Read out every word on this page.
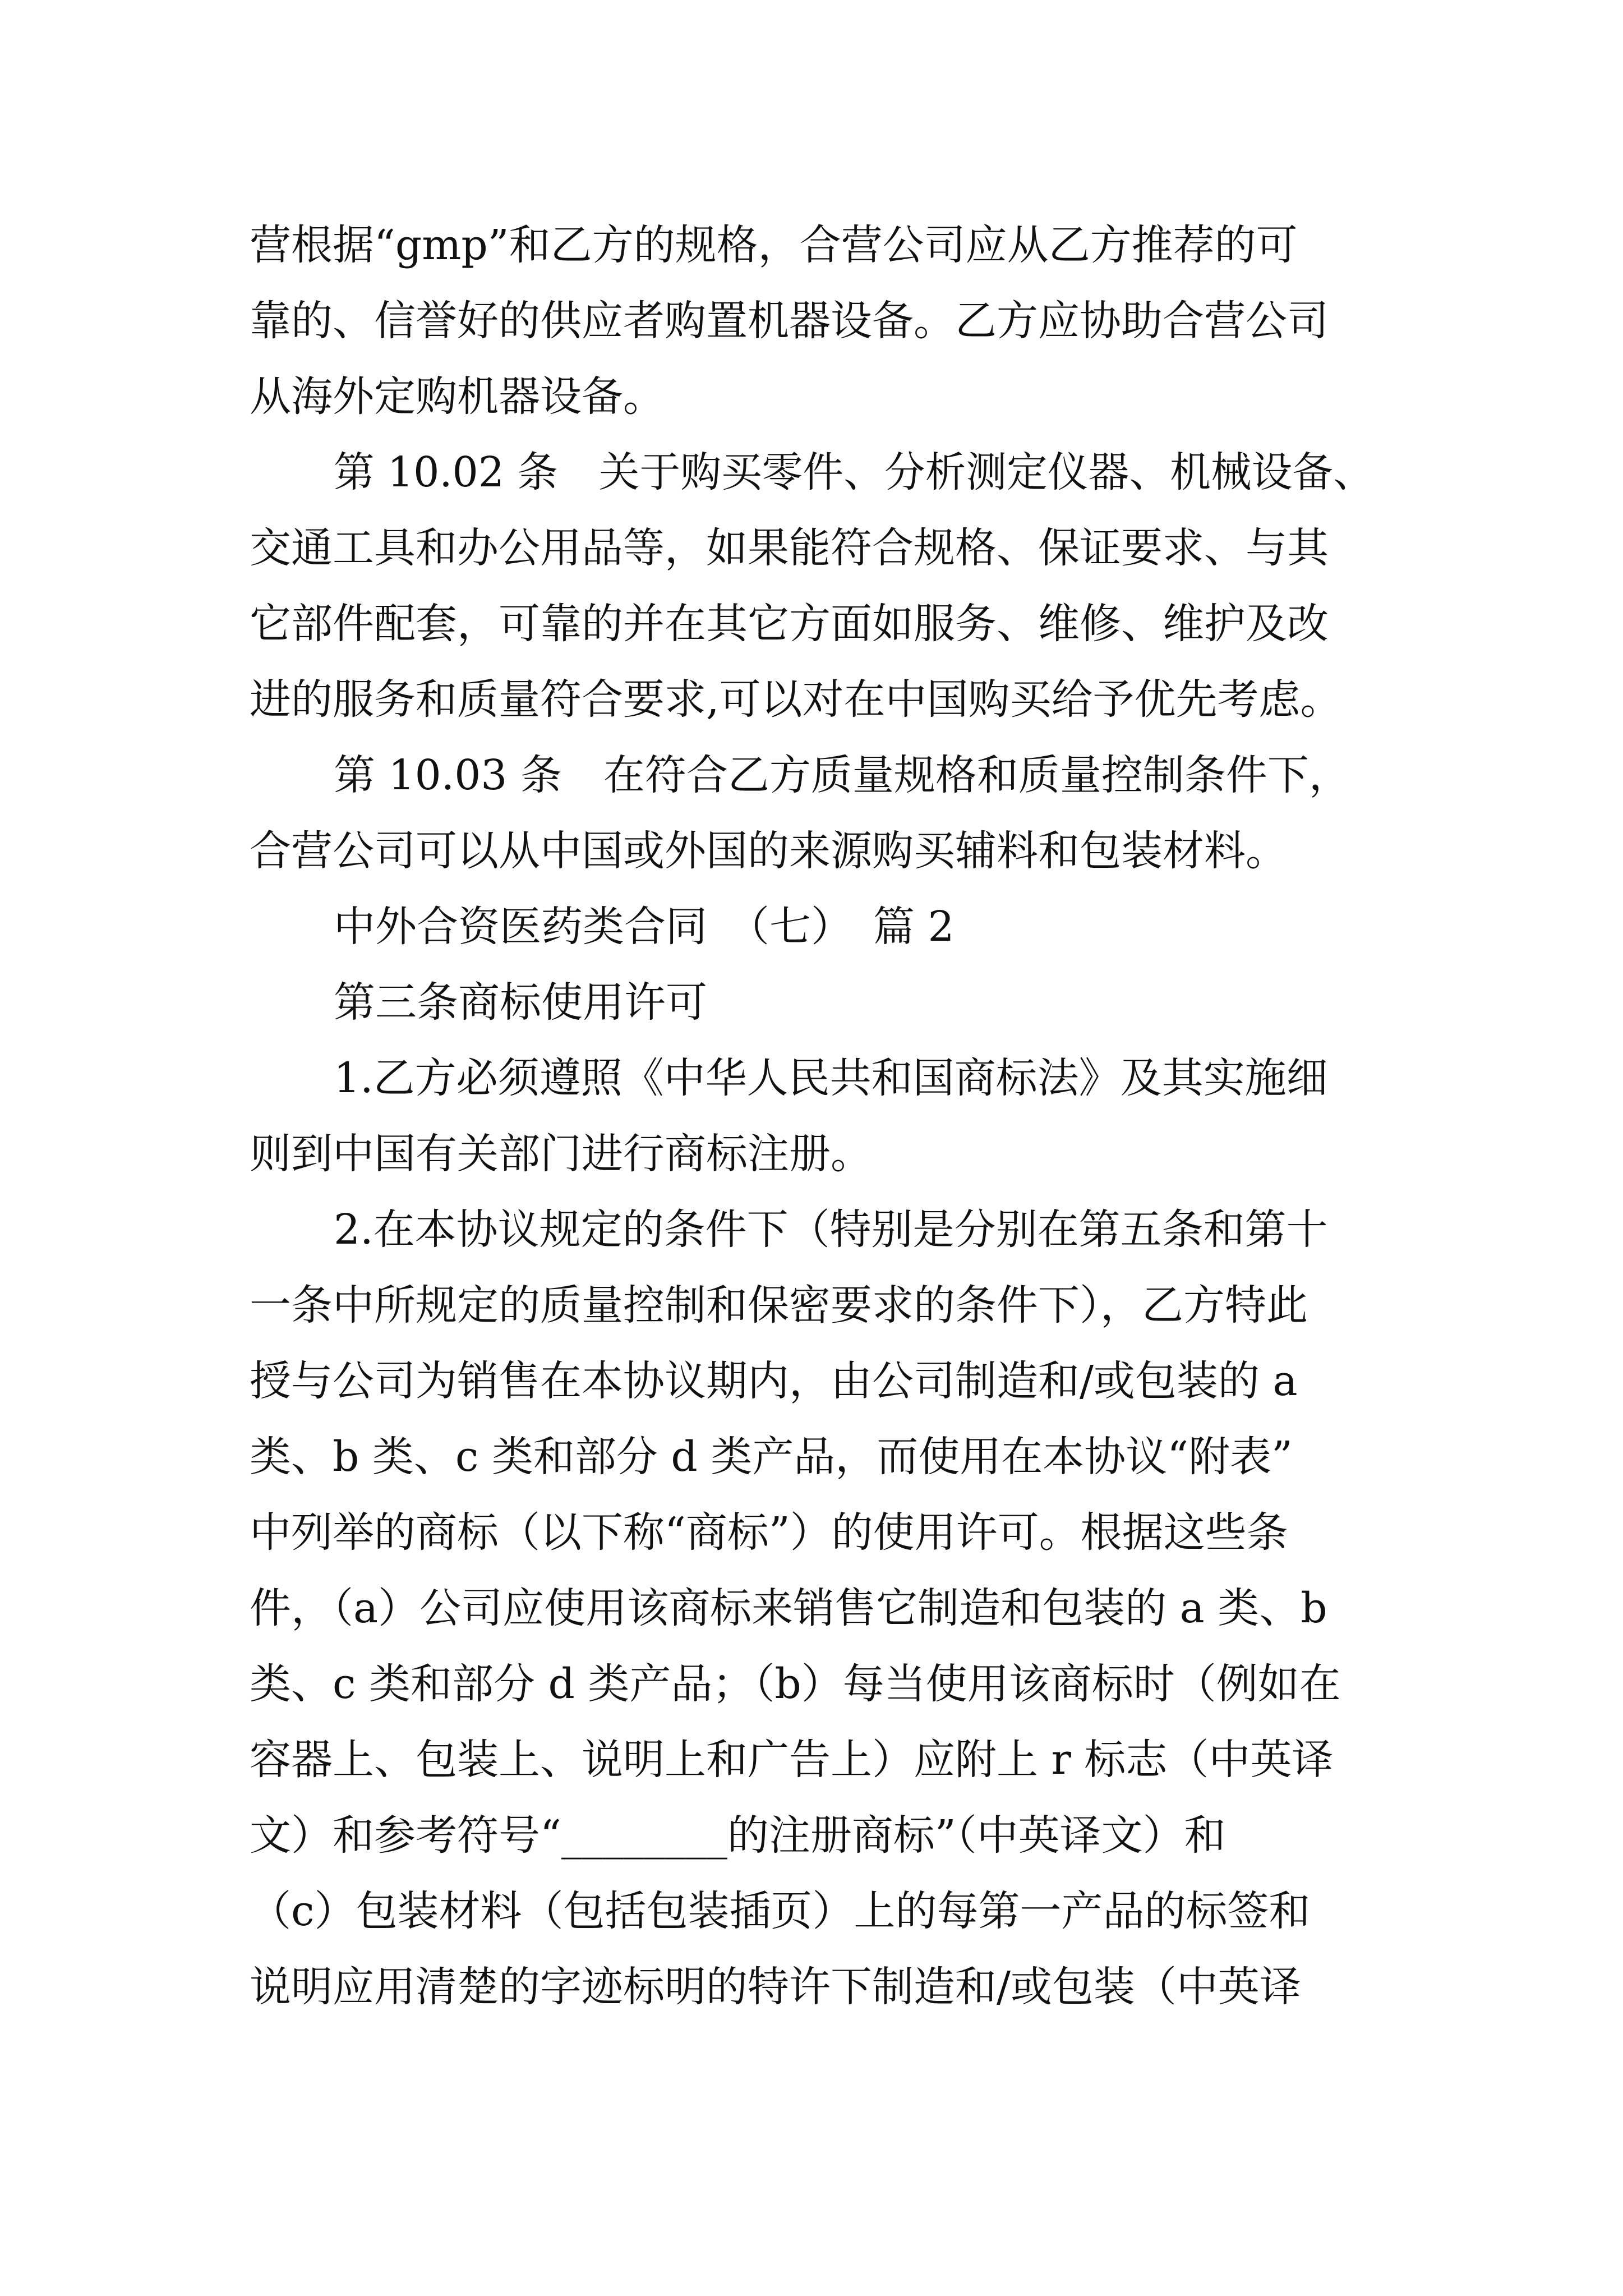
营根据“gmp”和乙方的规格，合营公司应从乙方推荐的可
靠的、信誉好的供应者购置机器设备。乙方应协助合营公司
从海外定购机器设备。
第 10.02 条　关于购买零件、分析测定仪器、机械设备、
交通工具和办公用品等，如果能符合规格、保证要求、与其
它部件配套，可靠的并在其它方面如服务、维修、维护及改
进的服务和质量符合要求,可以对在中国购买给予优先考虑。
第 10.03 条　在符合乙方质量规格和质量控制条件下，
合营公司可以从中国或外国的来源购买辅料和包装材料。
中外合资医药类合同　（七）　篇 2
第三条商标使用许可
1.乙方必须遵照《中华人民共和国商标法》及其实施细
则到中国有关部门进行商标注册。
2.在本协议规定的条件下（特别是分别在第五条和第十
一条中所规定的质量控制和保密要求的条件下），乙方特此
授与公司为销售在本协议期内，由公司制造和/或包装的 a
类、b 类、c 类和部分 d 类产品，而使用在本协议“附表”
中列举的商标（以下称“商标”）的使用许可。根据这些条
件，（a）公司应使用该商标来销售它制造和包装的 a 类、b
类、c 类和部分 d 类产品；（b）每当使用该商标时（例如在
容器上、包装上、说明上和广告上）应附上 r 标志（中英译
文）和参考符号“________的注册商标”（中英译文）和
（c）包装材料（包括包装插页）上的每第一产品的标签和
说明应用清楚的字迹标明的特许下制造和/或包装（中英译
